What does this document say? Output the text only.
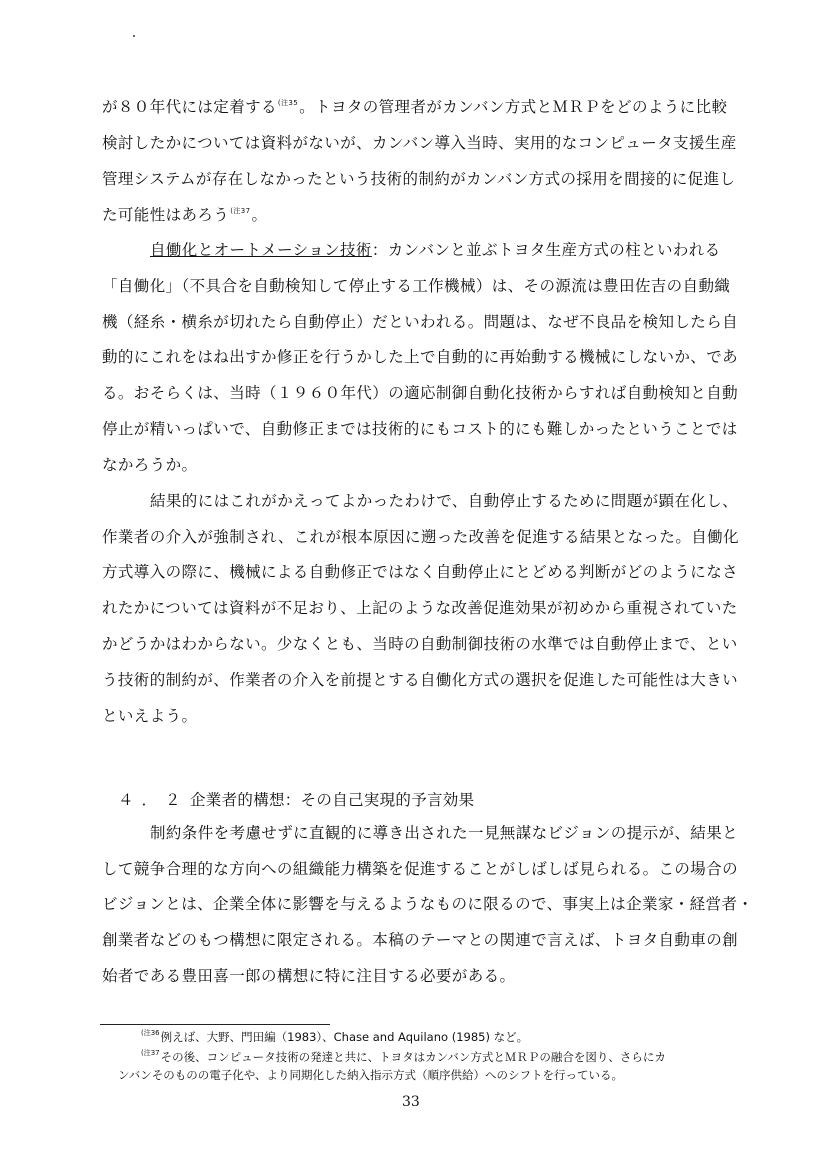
が８０年代には定着する$^{(注35}$。トヨタの管理者がカンバン方式とＭＲＰをどのように比較

検討したかについては資料がないが、カンバン導入当時、実用的なコンピュータ支援生産

管理システムが存在しなかったという技術的制約がカンバン方式の採用を間接的に促進し

た可能性はあろう$^{(注37}$。

自働化とオートメーション技術：カンバンと並ぶトヨタ生産方式の柱といわれる

「自働化」（不具合を自動検知して停止する工作機械）は、その源流は豊田佐吉の自動織

機（経糸・横糸が切れたら自動停止）だといわれる。問題は、なぜ不良品を検知したら自

動的にこれをはね出すか修正を行うかした上で自動的に再始動する機械にしないか、であ

る。おそらくは、当時（１９６０年代）の適応制御自動化技術からすれば自動検知と自動

停止が精いっぱいで、自動修正までは技術的にもコスト的にも難しかったということでは

なかろうか。

結果的にはこれがかえってよかったわけで、自動停止するために問題が顕在化し、

作業者の介入が強制され、これが根本原因に遡った改善を促進する結果となった。自働化

方式導入の際に、機械による自動修正ではなく自動停止にとどめる判断がどのようになさ

れたかについては資料が不足おり、上記のような改善促進効果が初めから重視されていた

かどうかはわからない。少なくとも、当時の自動制御技術の水準では自動停止まで、とい

う技術的制約が、作業者の介入を前提とする自働化方式の選択を促進した可能性は大きい

といえよう。

４．２企業者的構想：その自己実現的予言効果

制約条件を考慮せずに直観的に導き出された一見無謀なビジョンの提示が、結果と

して競争合理的な方向への組織能力構築を促進することがしばしば見られる。この場合の

ビジョンとは、企業全体に影響を与えるようなものに限るので、事実上は企業家・経営者・

創業者などのもつ構想に限定される。本稿のテーマとの関連で言えば、トヨタ自動車の創

始者である豊田喜一郎の構想に特に注目する必要がある。

$^{(注36}$例えば、大野、門田編（1983）、Chase and Aquilano (1985) など。
$^{(注37}$その後、コンピュータ技術の発達と共に、トヨタはカンバン方式とＭＲＰの融合を図り、さらにカ
ンバンそのものの電子化や、より同期化した納入指示方式（順序供給）へのシフトを行っている。
33
